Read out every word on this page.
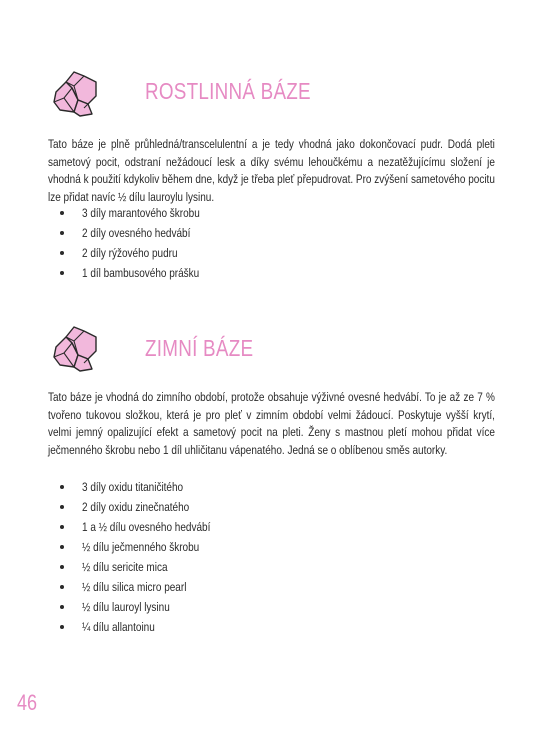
ROSTLINNÁ BÁZE

Tato báze je plně průhledná/transcelulentní a je tedy vhodná jako dokončovací pudr. Dodá pleti sametový pocit, odstraní nežádoucí lesk a díky svému lehoučkému a nezatěžujícímu složení je vhodná k použití kdykoliv během dne, když je třeba pleť přepudrovat. Pro zvýšení sametového pocitu lze přidat navíc ½ dílu lauroylu lysinu.

3 díly marantového škrobu
2 díly ovesného hedvábí
2 díly rýžového pudru
1 díl bambusového prášku
ZIMNÍ BÁZE

Tato báze je vhodná do zimního období, protože obsahuje výživné ovesné hedvábí. To je až ze 7 % tvořeno tukovou složkou, která je pro pleť v zimním období velmi žádoucí. Poskytuje vyšší krytí, velmi jemný opalizující efekt a sametový pocit na pleti. Ženy s mastnou pletí mohou přidat více ječmenného škrobu nebo 1 díl uhličitanu vápenatého. Jedná se o oblíbenou směs autorky.

3 díly oxidu titaničitého
2 díly oxidu zinečnatého
1 a ½ dílu ovesného hedvábí
½ dílu ječmenného škrobu
½ dílu sericite mica
½ dílu silica micro pearl
½ dílu lauroyl lysinu
¼ dílu allantoinu
46
